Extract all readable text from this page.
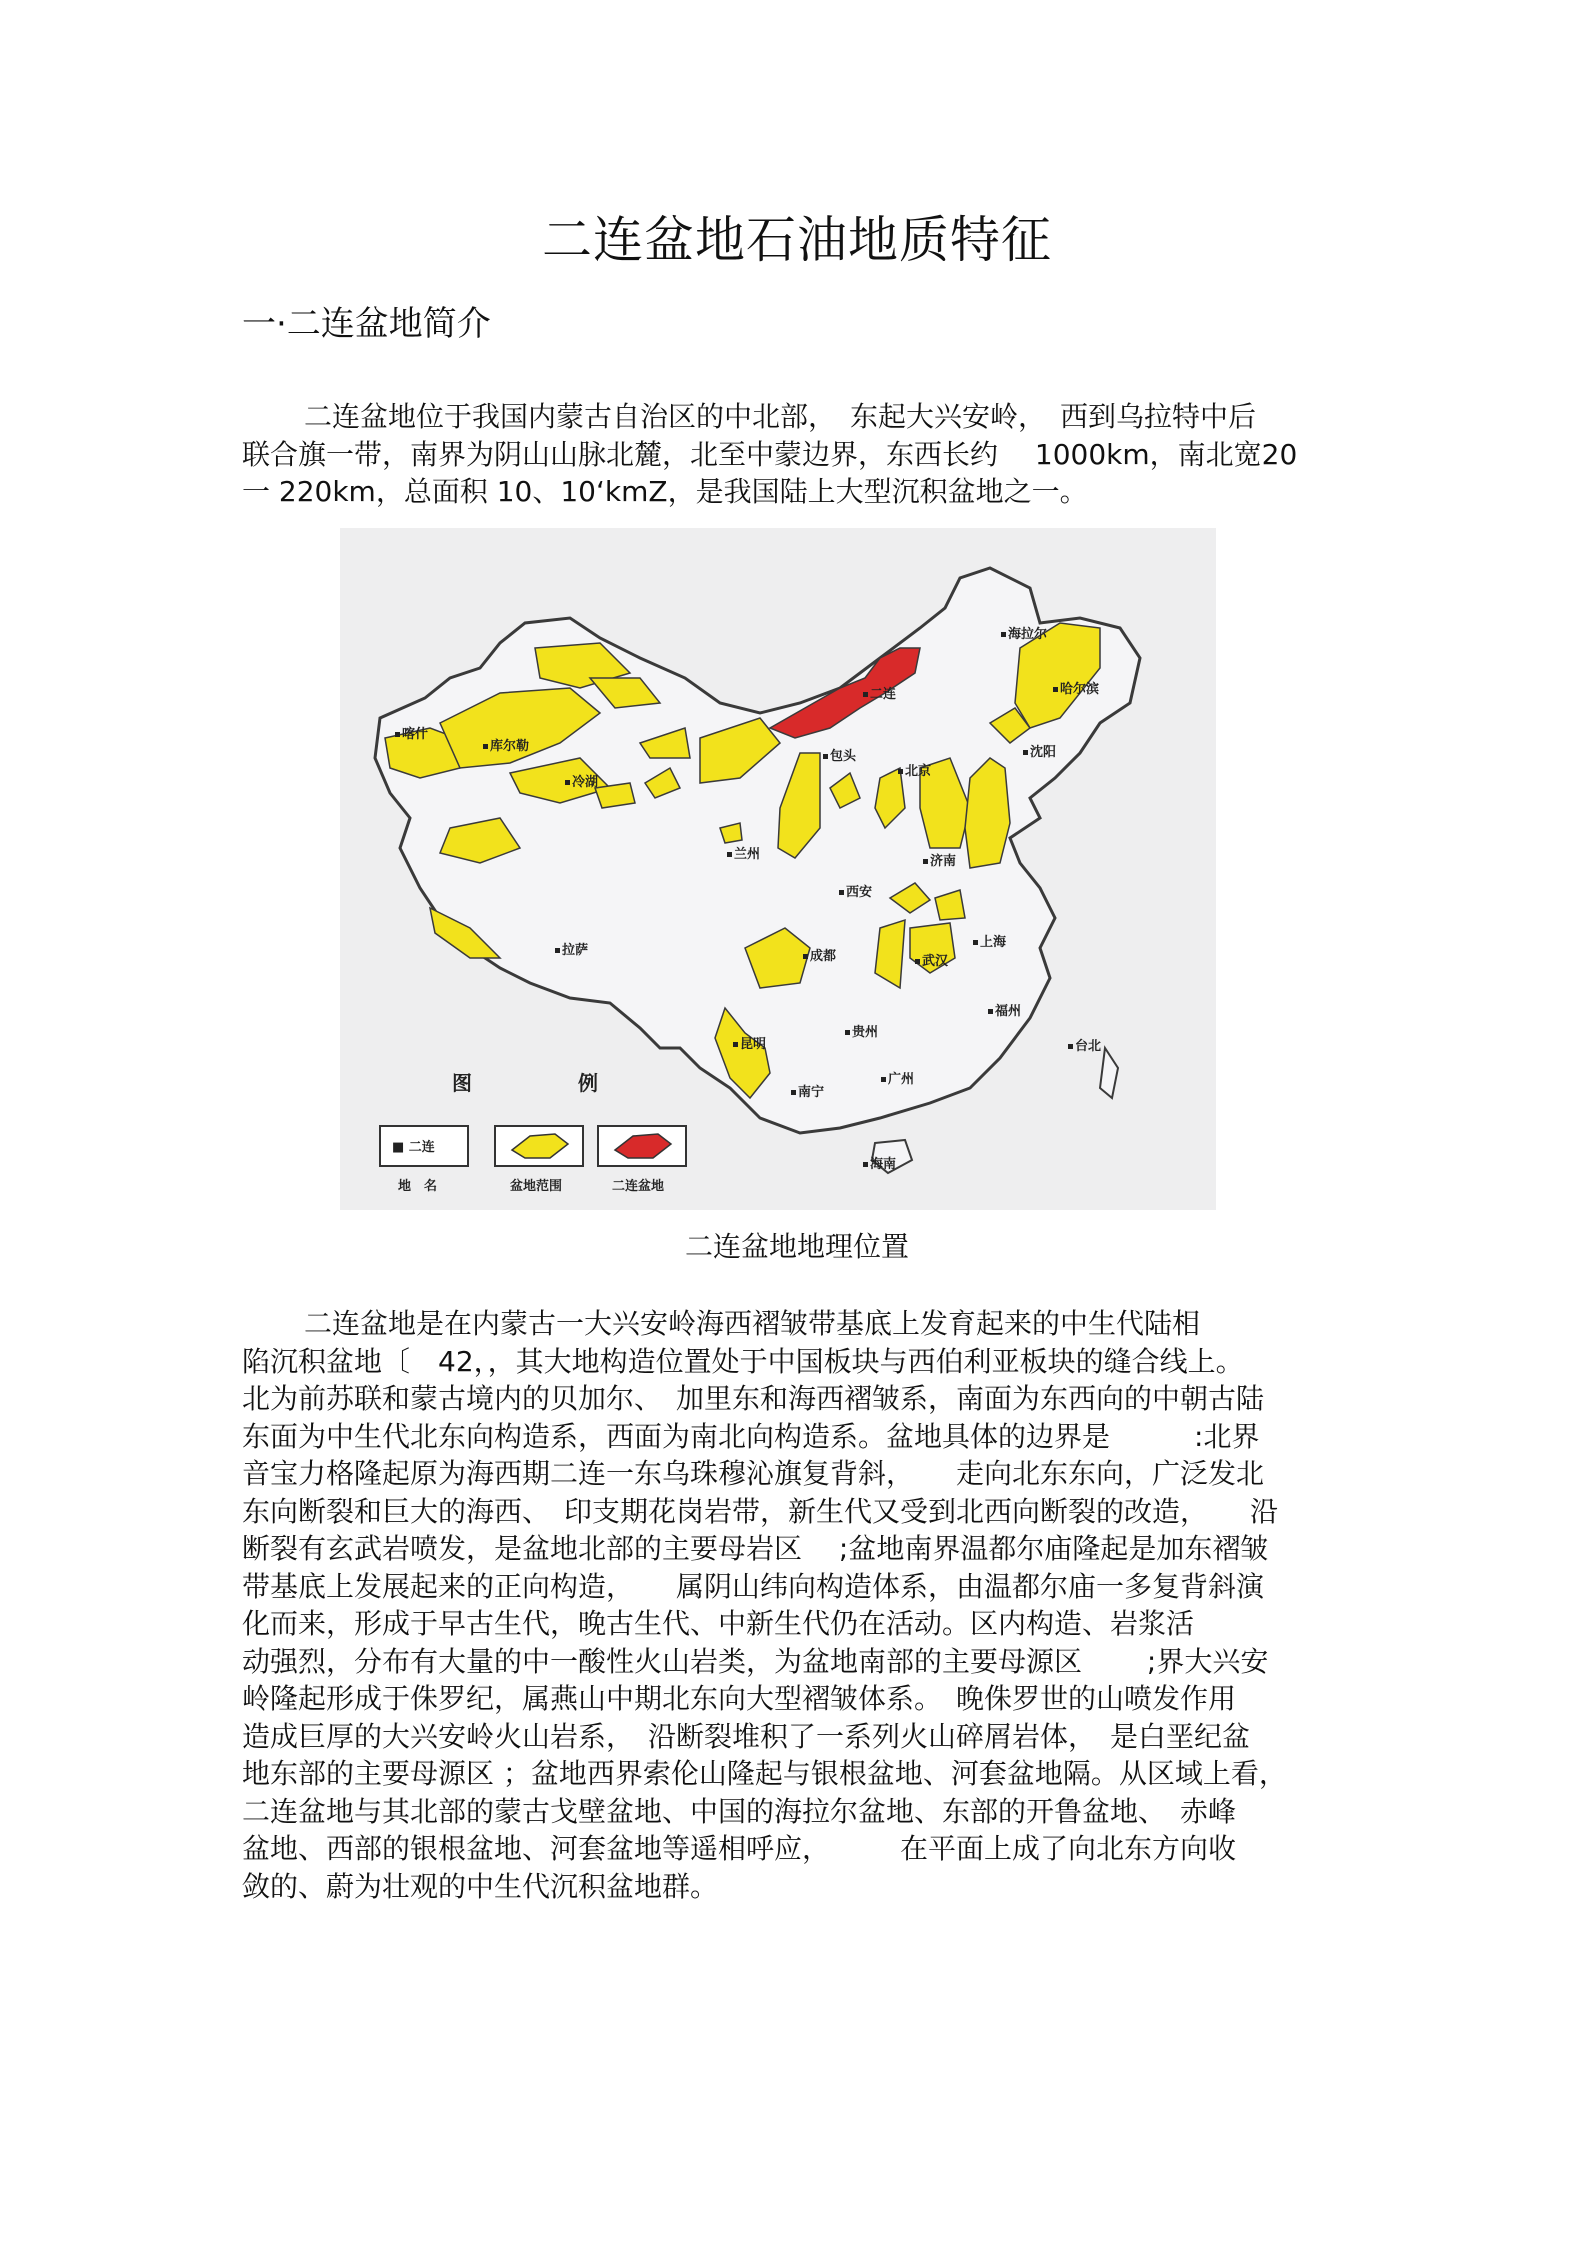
二连盆地石油地质特征
一·二连盆地简介
二连盆地位于我国内蒙古自治区的中北部，　东起大兴安岭，　西到乌拉特中后
联合旗一带，南界为阴山山脉北麓，北至中蒙边界，东西长约　 1000km，南北宽20
一 220km，总面积 10、10‘kmZ，是我国陆上大型沉积盆地之一。
海拉尔
哈尔滨
二连
沈阳
喀什
库尔勒
包头
北京
冷湖
兰州	济南
西安
上海
拉萨	成都	武汉
福州
贵州
昆明	台北
广州
南宁
海南
图	例
■ 二连
地　名	盆地范围	二连盆地

二连盆地地理位置

二连盆地是在内蒙古一大兴安岭海西褶皱带基底上发育起来的中生代陆相
陷沉积盆地〔　42，，其大地构造位置处于中国板块与西伯利亚板块的缝合线上。
北为前苏联和蒙古境内的贝加尔、　加里东和海西褶皱系，南面为东西向的中朝古陆
东面为中生代北东向构造系，西面为南北向构造系。盆地具体的边界是　　　:北界
音宝力格隆起原为海西期二连一东乌珠穆沁旗复背斜，　　走向北东东向，广泛发北
东向断裂和巨大的海西、　印支期花岗岩带，新生代又受到北西向断裂的改造，　　沿
断裂有玄武岩喷发，是盆地北部的主要母岩区　 ;盆地南界温都尔庙隆起是加东褶皱
带基底上发展起来的正向构造，　　属阴山纬向构造体系，由温都尔庙一多复背斜演
化而来，形成于早古生代，晚古生代、中新生代仍在活动。区内构造、岩浆活
动强烈，分布有大量的中一酸性火山岩类，为盆地南部的主要母源区　　 ;界大兴安
岭隆起形成于侏罗纪，属燕山中期北东向大型褶皱体系。　晚侏罗世的山喷发作用
造成巨厚的大兴安岭火山岩系，　沿断裂堆积了一系列火山碎屑岩体，　是白垩纪盆
地东部的主要母源区 ；盆地西界索伦山隆起与银根盆地、河套盆地隔。从区域上看，
二连盆地与其北部的蒙古戈壁盆地、中国的海拉尔盆地、东部的开鲁盆地、　赤峰
盆地、西部的银根盆地、河套盆地等遥相呼应，　　　在平面上成了向北东方向收
敛的、蔚为壮观的中生代沉积盆地群。
